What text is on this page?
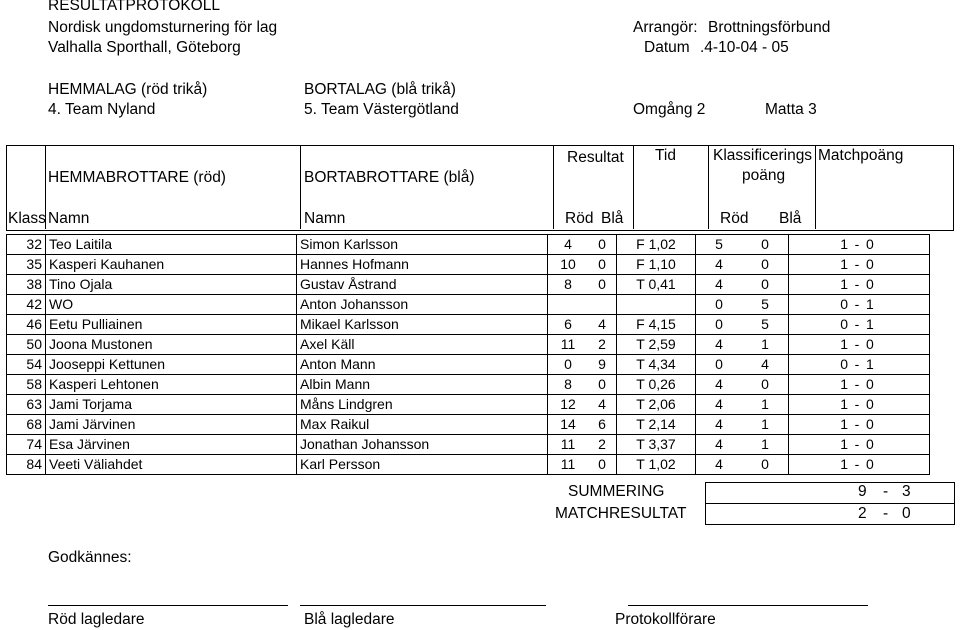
RESULTATPROTOKOLL
Nordisk ungdomsturnering för lag
Valhalla Sporthall, Göteborg
Arrangör: Brottningsförbund
Datum .4-10-04 - 05
HEMMALAG (röd trikå)	BORTALAG (blå trikå)
4. Team Nyland	5. Team Västergötland	Omgång 2	Matta 3
Resultat Tid Klassificerings
poäng
Matchpoäng
HEMMABROTTARE (röd)	BORTABROTTARE (blå)
Klass Namn	Namn	Röd Blå	Röd Blå
32	Teo Laitila	Simon Karlsson	4	0	F 1,02	5	0	1	-	0
35	Kasperi Kauhanen	Hannes Hofmann	10	0	F 1,10	4	0	1	-	0
38	Tino Ojala	Gustav Åstrand	8	0	T 0,41	4	0	1	-	0
42	WO	Anton Johansson				0	5	0	-	1
46	Eetu Pulliainen	Mikael Karlsson	6	4	F 4,15	0	5	0	-	1
50	Joona Mustonen	Axel Käll	11	2	T 2,59	4	1	1	-	0
54	Jooseppi Kettunen	Anton Mann	0	9	T 4,34	0	4	0	-	1
58	Kasperi Lehtonen	Albin Mann	8	0	T 0,26	4	0	1	-	0
63	Jami Torjama	Måns Lindgren	12	4	T 2,06	4	1	1	-	0
68	Jami Järvinen	Max Raikul	14	6	T 2,14	4	1	1	-	0
74	Esa Järvinen	Jonathan Johansson	11	2	T 3,37	4	1	1	-	0
84	Veeti Väliahdet	Karl Persson	11	0	T 1,02	4	0	1	-	0
SUMMERING	9 - 3
MATCHRESULTAT	2 - 0
Godkännes:
Röd lagledare	Blå lagledare	Protokollförare
